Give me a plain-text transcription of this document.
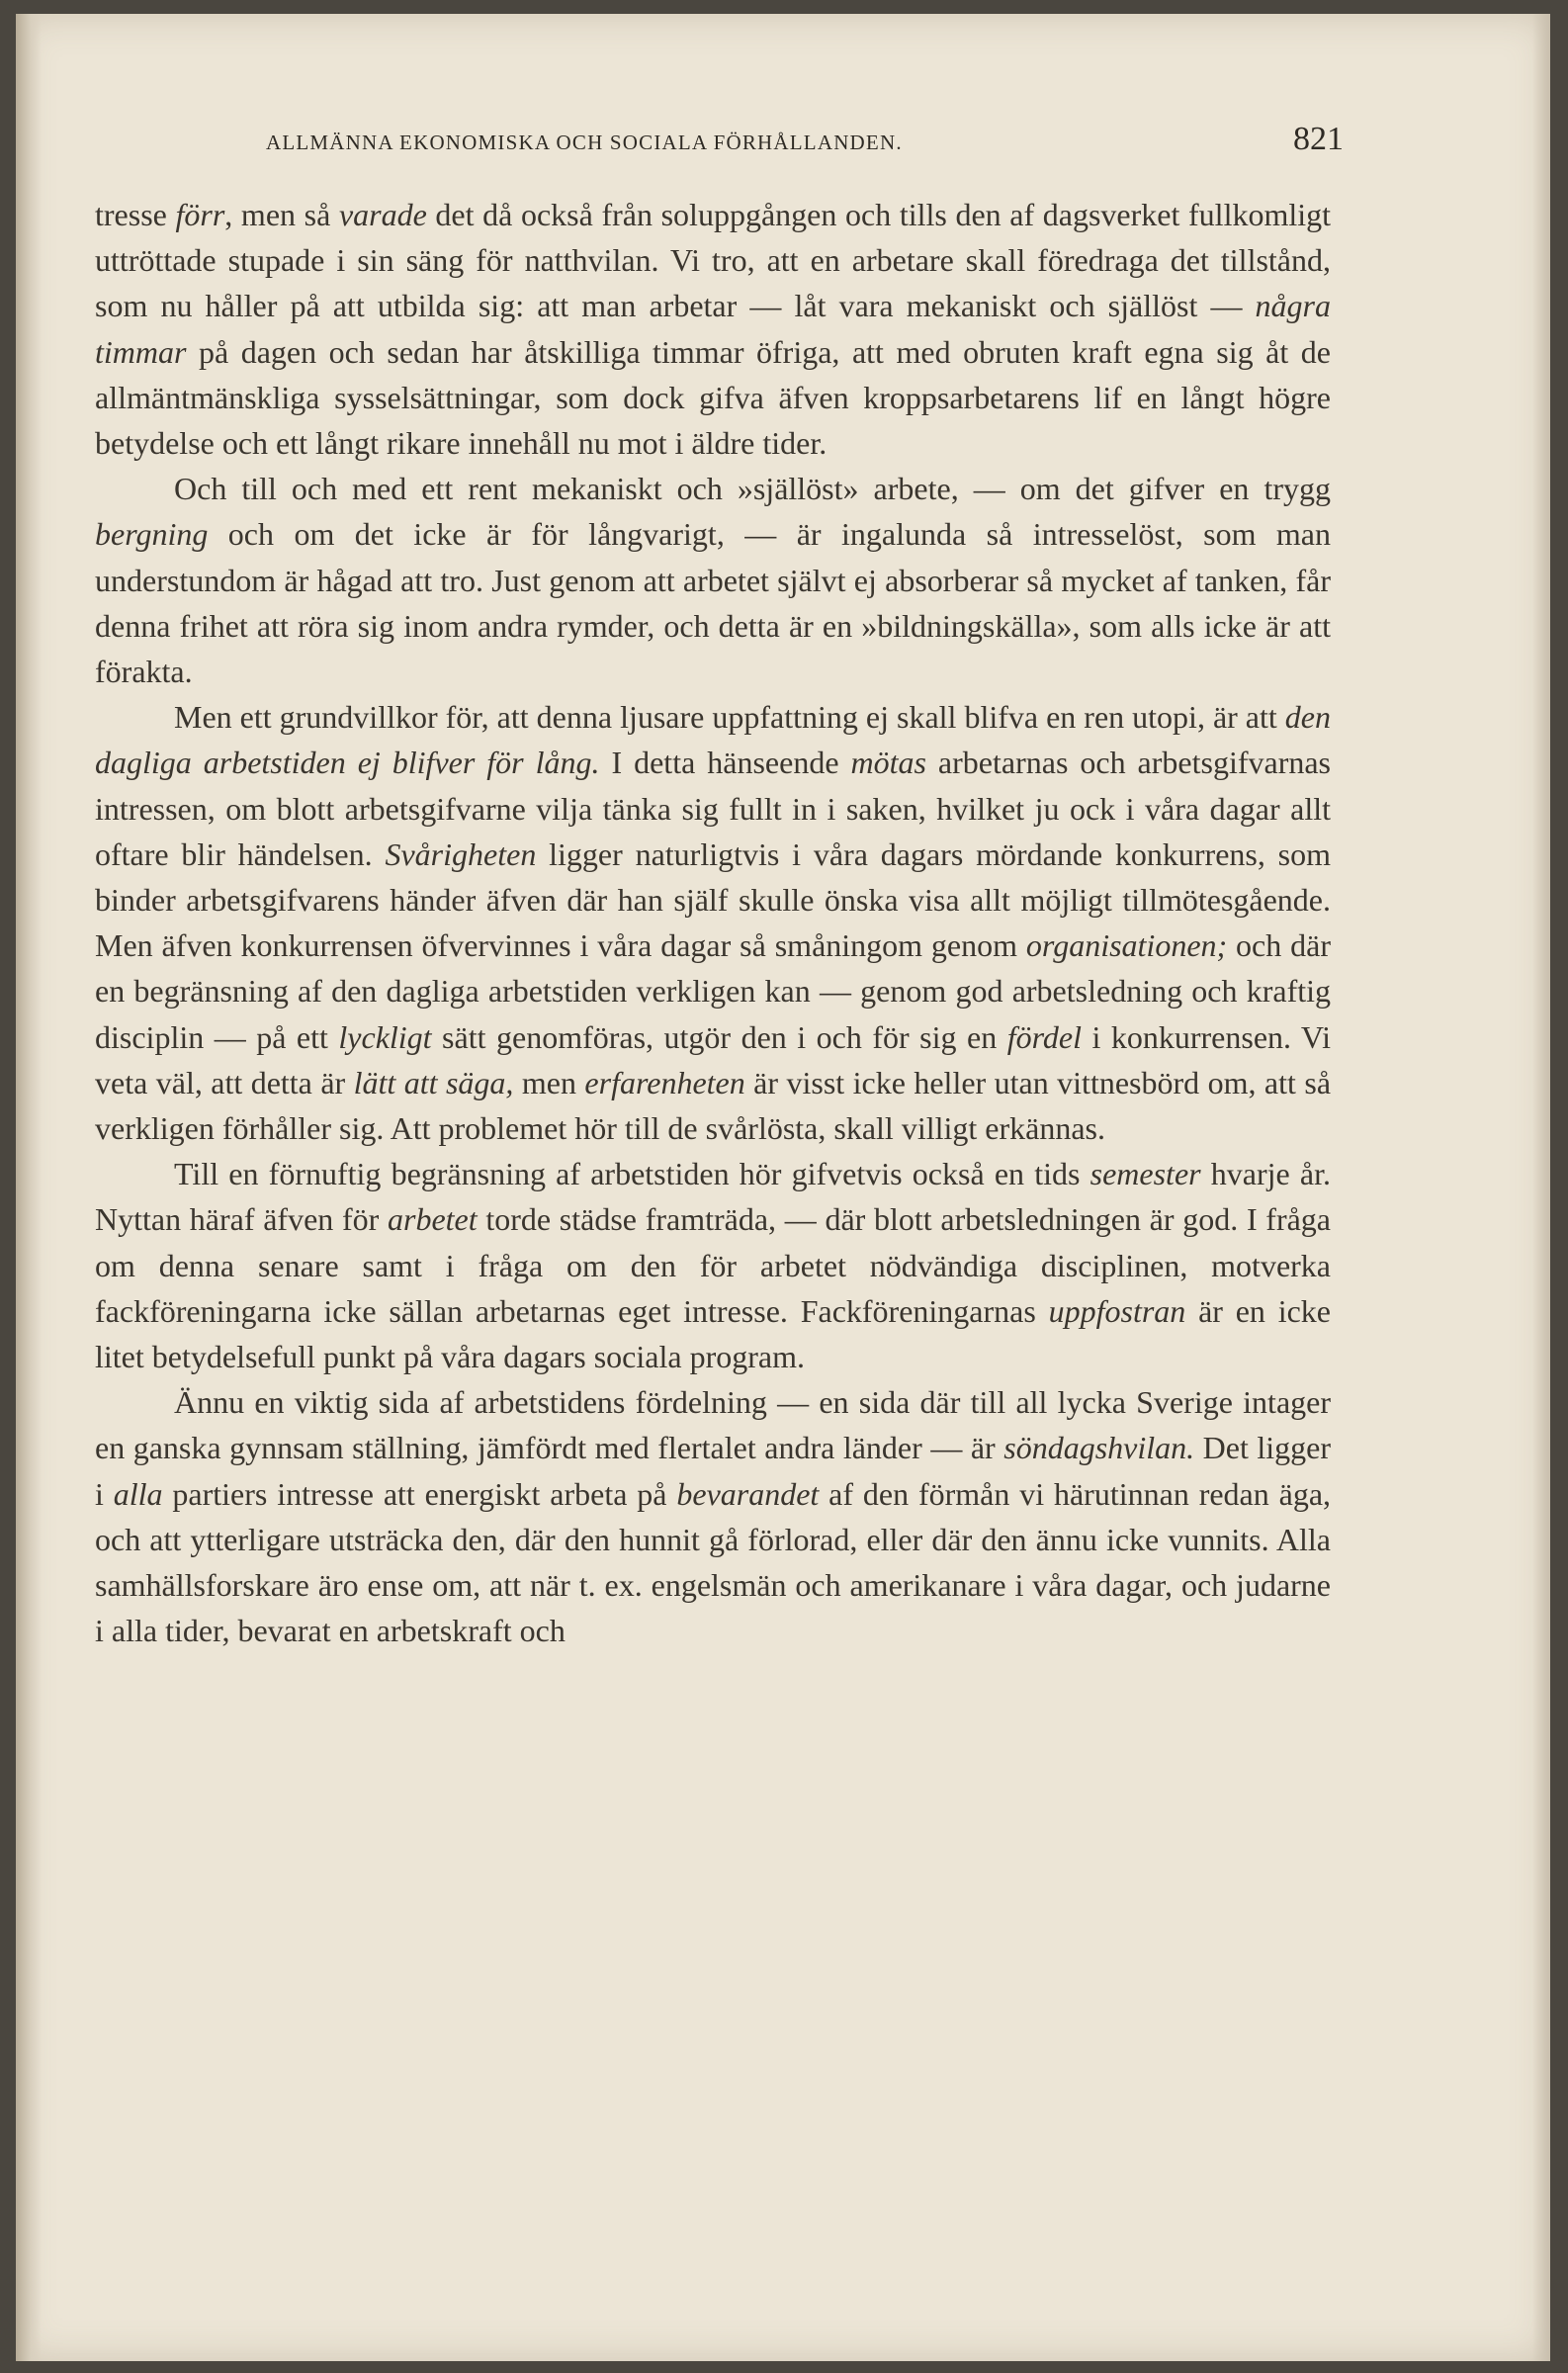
ALLMÄNNA EKONOMISKA OCH SOCIALA FÖRHÅLLANDEN.	821

tresse förr, men så varade det då också från soluppgången och tills den af dagsverket fullkomligt uttröttade stupade i sin säng för natthvilan. Vi tro, att en arbetare skall föredraga det tillstånd, som nu håller på att utbilda sig: att man arbetar — låt vara mekaniskt och själlöst — några timmar på dagen och sedan har åtskilliga timmar öfriga, att med obruten kraft egna sig åt de allmäntmänskliga sysselsättningar, som dock gifva äfven kroppsarbetarens lif en långt högre betydelse och ett långt rikare innehåll nu mot i äldre tider.

Och till och med ett rent mekaniskt och »själlöst» arbete, — om det gifver en trygg bergning och om det icke är för långvarigt, — är ingalunda så intresselöst, som man understundom är hågad att tro. Just genom att arbetet självt ej absorberar så mycket af tanken, får denna frihet att röra sig inom andra rymder, och detta är en »bildningskälla», som alls icke är att förakta.

Men ett grundvillkor för, att denna ljusare uppfattning ej skall blifva en ren utopi, är att den dagliga arbetstiden ej blifver för lång. I detta hänseende mötas arbetarnas och arbetsgifvarnas intressen, om blott arbetsgifvarne vilja tänka sig fullt in i saken, hvilket ju ock i våra dagar allt oftare blir händelsen. Svårigheten ligger naturligtvis i våra dagars mördande konkurrens, som binder arbetsgifvarens händer äfven där han själf skulle önska visa allt möjligt tillmötesgående. Men äfven konkurrensen öfvervinnes i våra dagar så småningom genom organisationen; och där en begränsning af den dagliga arbetstiden verkligen kan — genom god arbetsledning och kraftig disciplin — på ett lyckligt sätt genomföras, utgör den i och för sig en fördel i konkurrensen. Vi veta väl, att detta är lätt att säga, men erfarenheten är visst icke heller utan vittnesbörd om, att så verkligen förhåller sig. Att problemet hör till de svårlösta, skall villigt erkännas.

Till en förnuftig begränsning af arbetstiden hör gifvetvis också en tids semester hvarje år. Nyttan häraf äfven för arbetet torde städse framträda, — där blott arbetsledningen är god. I fråga om denna senare samt i fråga om den för arbetet nödvändiga disciplinen, motverka fackföreningarna icke sällan arbetarnas eget intresse. Fackföreningarnas uppfostran är en icke litet betydelsefull punkt på våra dagars sociala program.

Ännu en viktig sida af arbetstidens fördelning — en sida där till all lycka Sverige intager en ganska gynnsam ställning, jämfördt med flertalet andra länder — är söndagshvilan. Det ligger i alla partiers intresse att energiskt arbeta på bevarandet af den förmån vi härutinnan redan äga, och att ytterligare utsträcka den, där den hunnit gå förlorad, eller där den ännu icke vunnits. Alla samhällsforskare äro ense om, att när t. ex. engelsmän och amerikanare i våra dagar, och judarne i alla tider, bevarat en arbetskraft och
